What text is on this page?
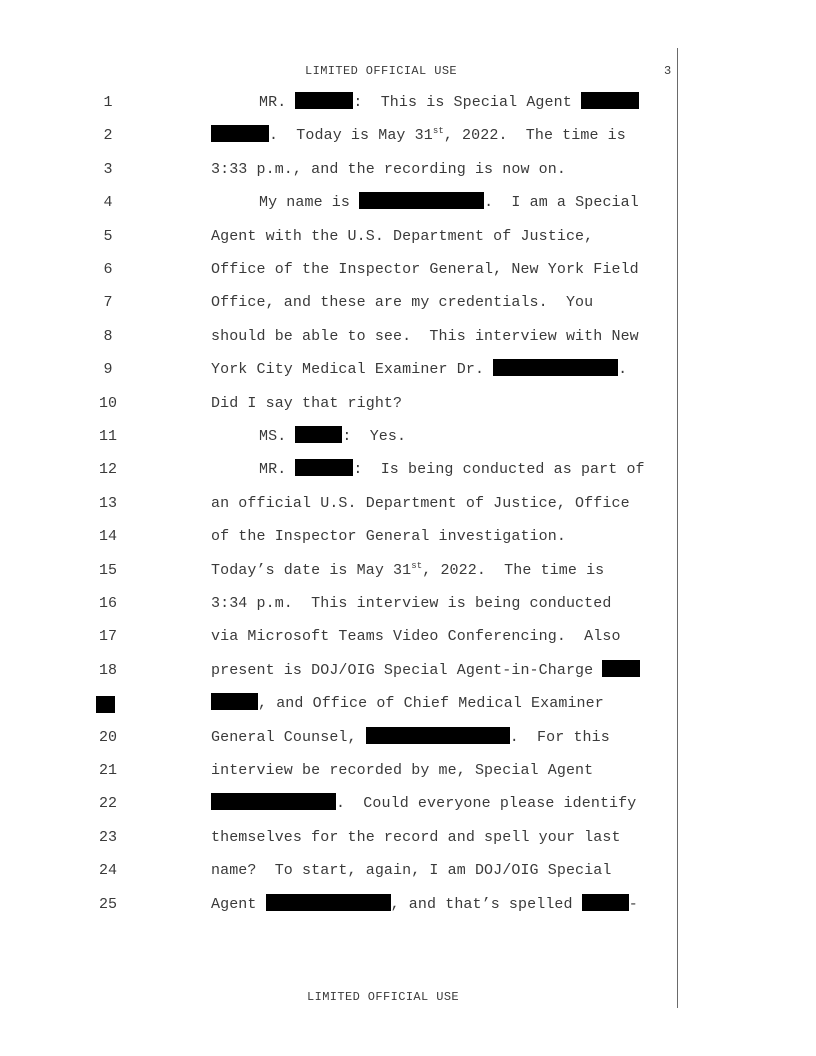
LIMITED OFFICIAL USE	3
1	MR.	:  This is Special Agent
2	.  Today is May 31st, 2022.  The time is
3	3:33 p.m., and the recording is now on.
4	My name is	.  I am a Special
5	Agent with the U.S. Department of Justice,
6	Office of the Inspector General, New York Field
7	Office, and these are my credentials.  You
8	should be able to see.  This interview with New
9	York City Medical Examiner Dr.	.
10	Did I say that right?
11	MS.	:  Yes.
12	MR.	:  Is being conducted as part of
13	an official U.S. Department of Justice, Office
14	of the Inspector General investigation.
15	Today’s date is May 31st, 2022.  The time is
16	3:34 p.m.  This interview is being conducted
17	via Microsoft Teams Video Conferencing.  Also
18	present is DOJ/OIG Special Agent-in-Charge
, and Office of Chief Medical Examiner
20	General Counsel,	.  For this
21	interview be recorded by me, Special Agent
22	.  Could everyone please identify
23	themselves for the record and spell your last
24	name?  To start, again, I am DOJ/OIG Special
25	Agent	, and that’s spelled	-
LIMITED OFFICIAL USE
